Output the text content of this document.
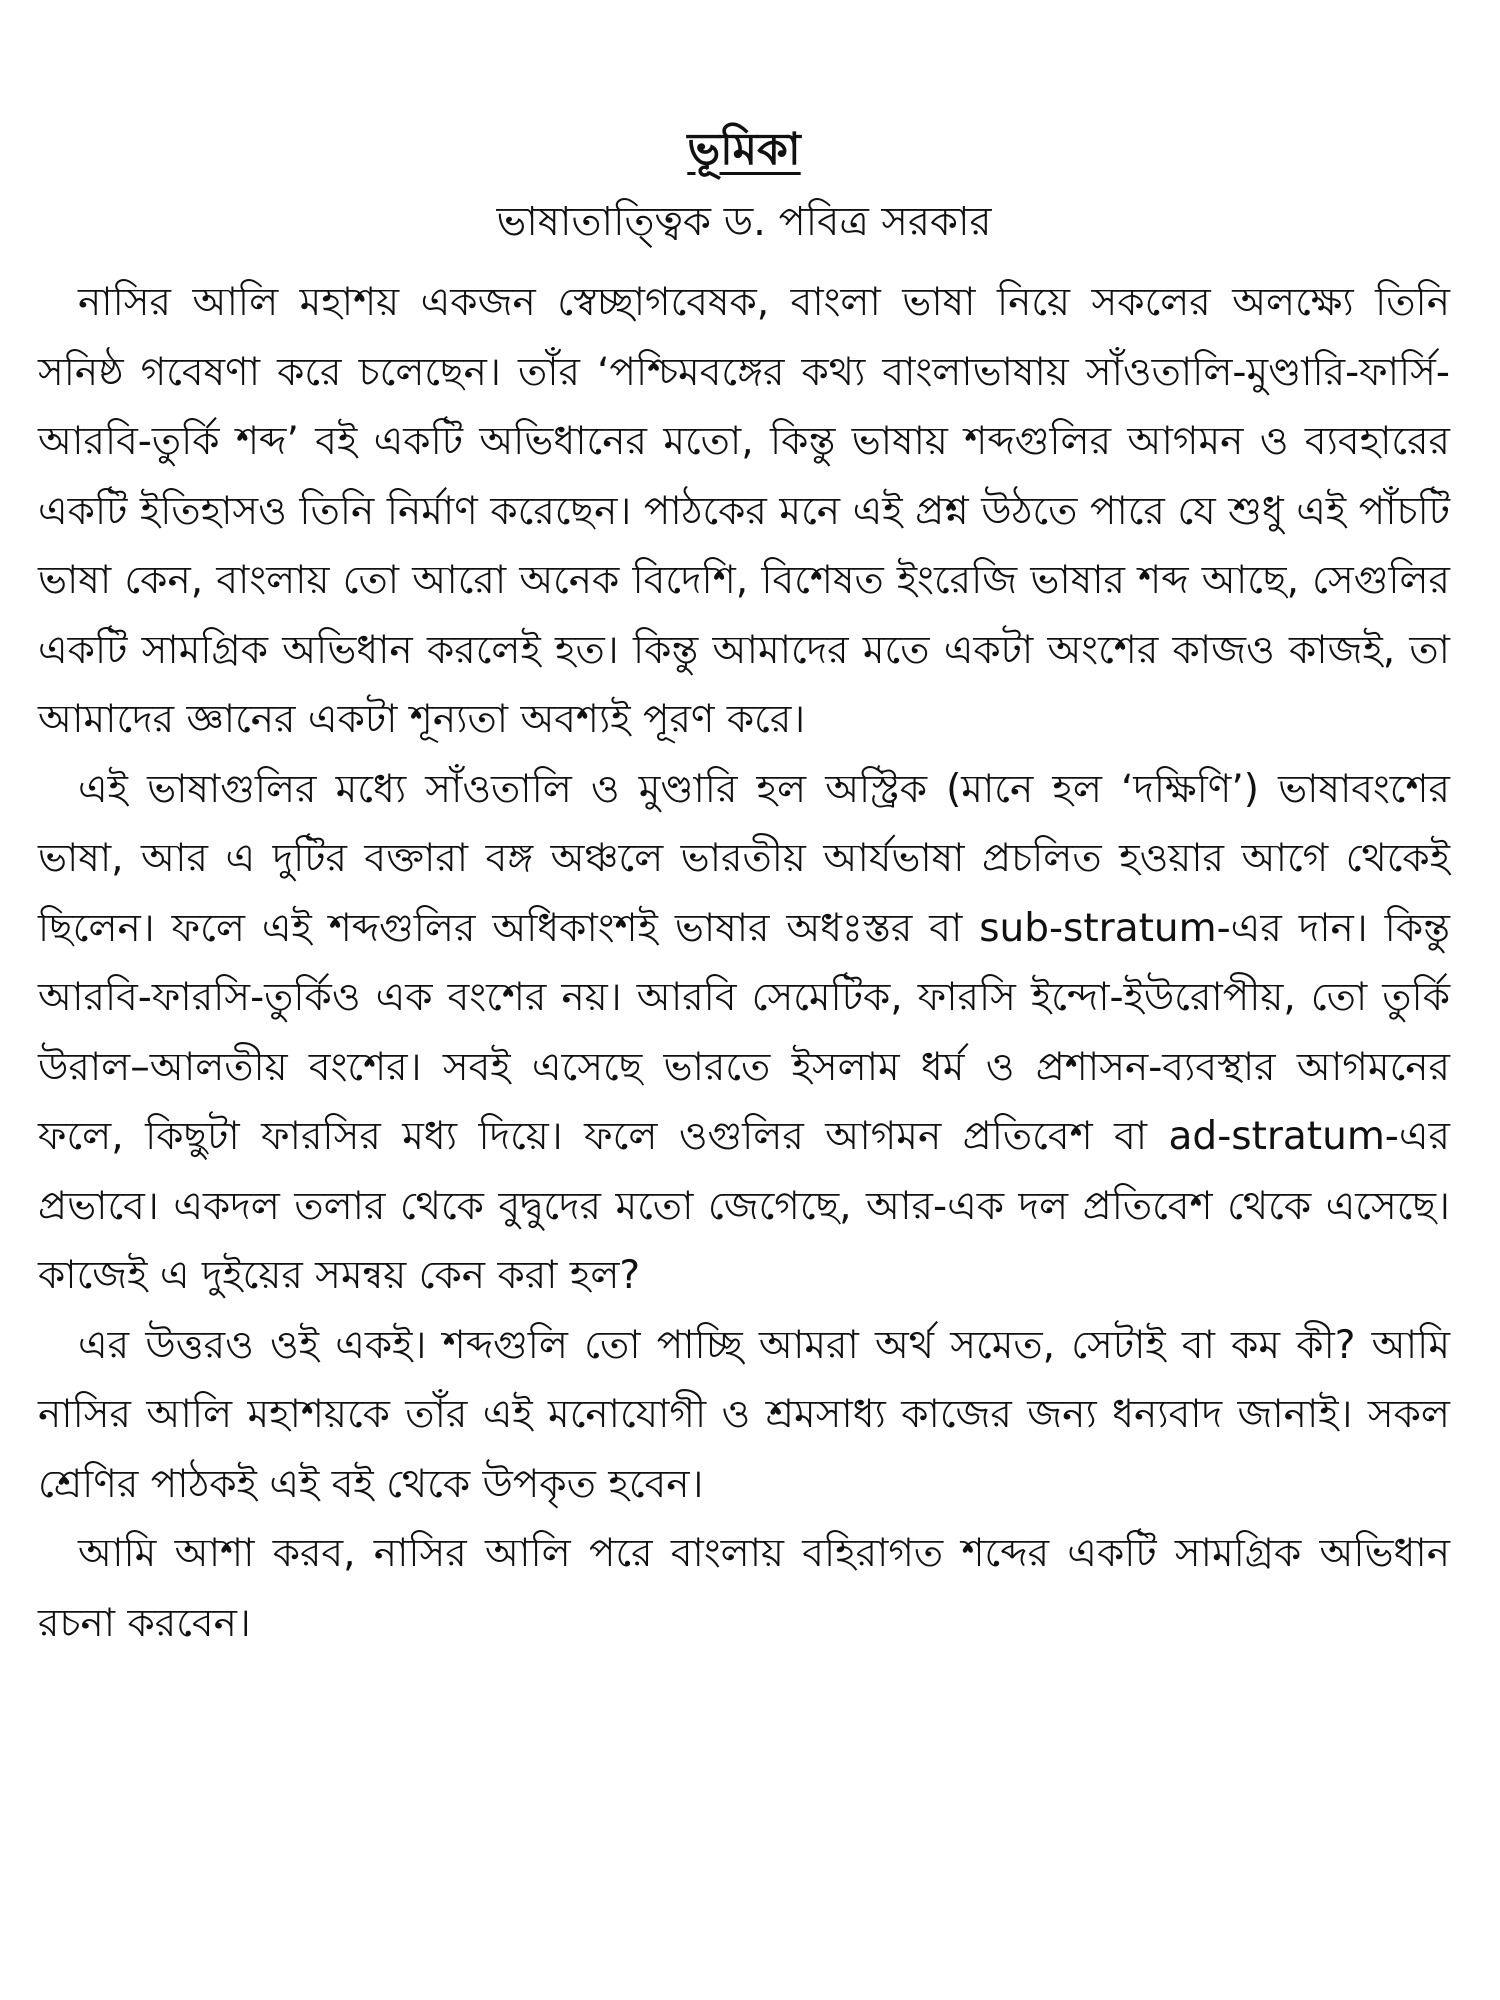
ভূমিকা
ভাষাতাত্ত্বিক ড. পবিত্র সরকার

নাসির আলি মহাশয় একজন স্বেচ্ছাগবেষক, বাংলা ভাষা নিয়ে সকলের অলক্ষ্যে তিনি সনিষ্ঠ গবেষণা করে চলেছেন। তাঁর ‘পশ্চিমবঙ্গের কথ্য বাংলাভাষায় সাঁওতালি-মুণ্ডারি-ফার্সি-আরবি-তুর্কি শব্দ’ বই একটি অভিধানের মতো, কিন্তু ভাষায় শব্দগুলির আগমন ও ব্যবহারের একটি ইতিহাসও তিনি নির্মাণ করেছেন। পাঠকের মনে এই প্রশ্ন উঠতে পারে যে শুধু এই পাঁচটি ভাষা কেন, বাংলায় তো আরো অনেক বিদেশি, বিশেষত ইংরেজি ভাষার শব্দ আছে, সেগুলির একটি সামগ্রিক অভিধান করলেই হত। কিন্তু আমাদের মতে একটা অংশের কাজও কাজই, তা আমাদের জ্ঞানের একটা শূন্যতা অবশ্যই পূরণ করে।

এই ভাষাগুলির মধ্যে সাঁওতালি ও মুণ্ডারি হল অস্ট্রিক (মানে হল ‘দক্ষিণি’) ভাষাবংশের ভাষা, আর এ দুটির বক্তারা বঙ্গ অঞ্চলে ভারতীয় আর্যভাষা প্রচলিত হওয়ার আগে থেকেই ছিলেন। ফলে এই শব্দগুলির অধিকাংশই ভাষার অধঃস্তর বা sub-stratum-এর দান। কিন্তু আরবি-ফারসি-তুর্কিও এক বংশের নয়। আরবি সেমেটিক, ফারসি ইন্দো-ইউরোপীয়, তো তুর্কি উরাল–আলতীয় বংশের। সবই এসেছে ভারতে ইসলাম ধর্ম ও প্রশাসন-ব্যবস্থার আগমনের ফলে, কিছুটা ফারসির মধ্য দিয়ে। ফলে ওগুলির আগমন প্রতিবেশ বা ad-stratum-এর প্রভাবে। একদল তলার থেকে বুদ্বুদের মতো জেগেছে, আর-এক দল প্রতিবেশ থেকে এসেছে। কাজেই এ দুইয়ের সমন্বয় কেন করা হল?

এর উত্তরও ওই একই। শব্দগুলি তো পাচ্ছি আমরা অর্থ সমেত, সেটাই বা কম কী? আমি নাসির আলি মহাশয়কে তাঁর এই মনোযোগী ও শ্রমসাধ্য কাজের জন্য ধন্যবাদ জানাই। সকল শ্রেণির পাঠকই এই বই থেকে উপকৃত হবেন।

আমি আশা করব, নাসির আলি পরে বাংলায় বহিরাগত শব্দের একটি সামগ্রিক অভিধান রচনা করবেন।
